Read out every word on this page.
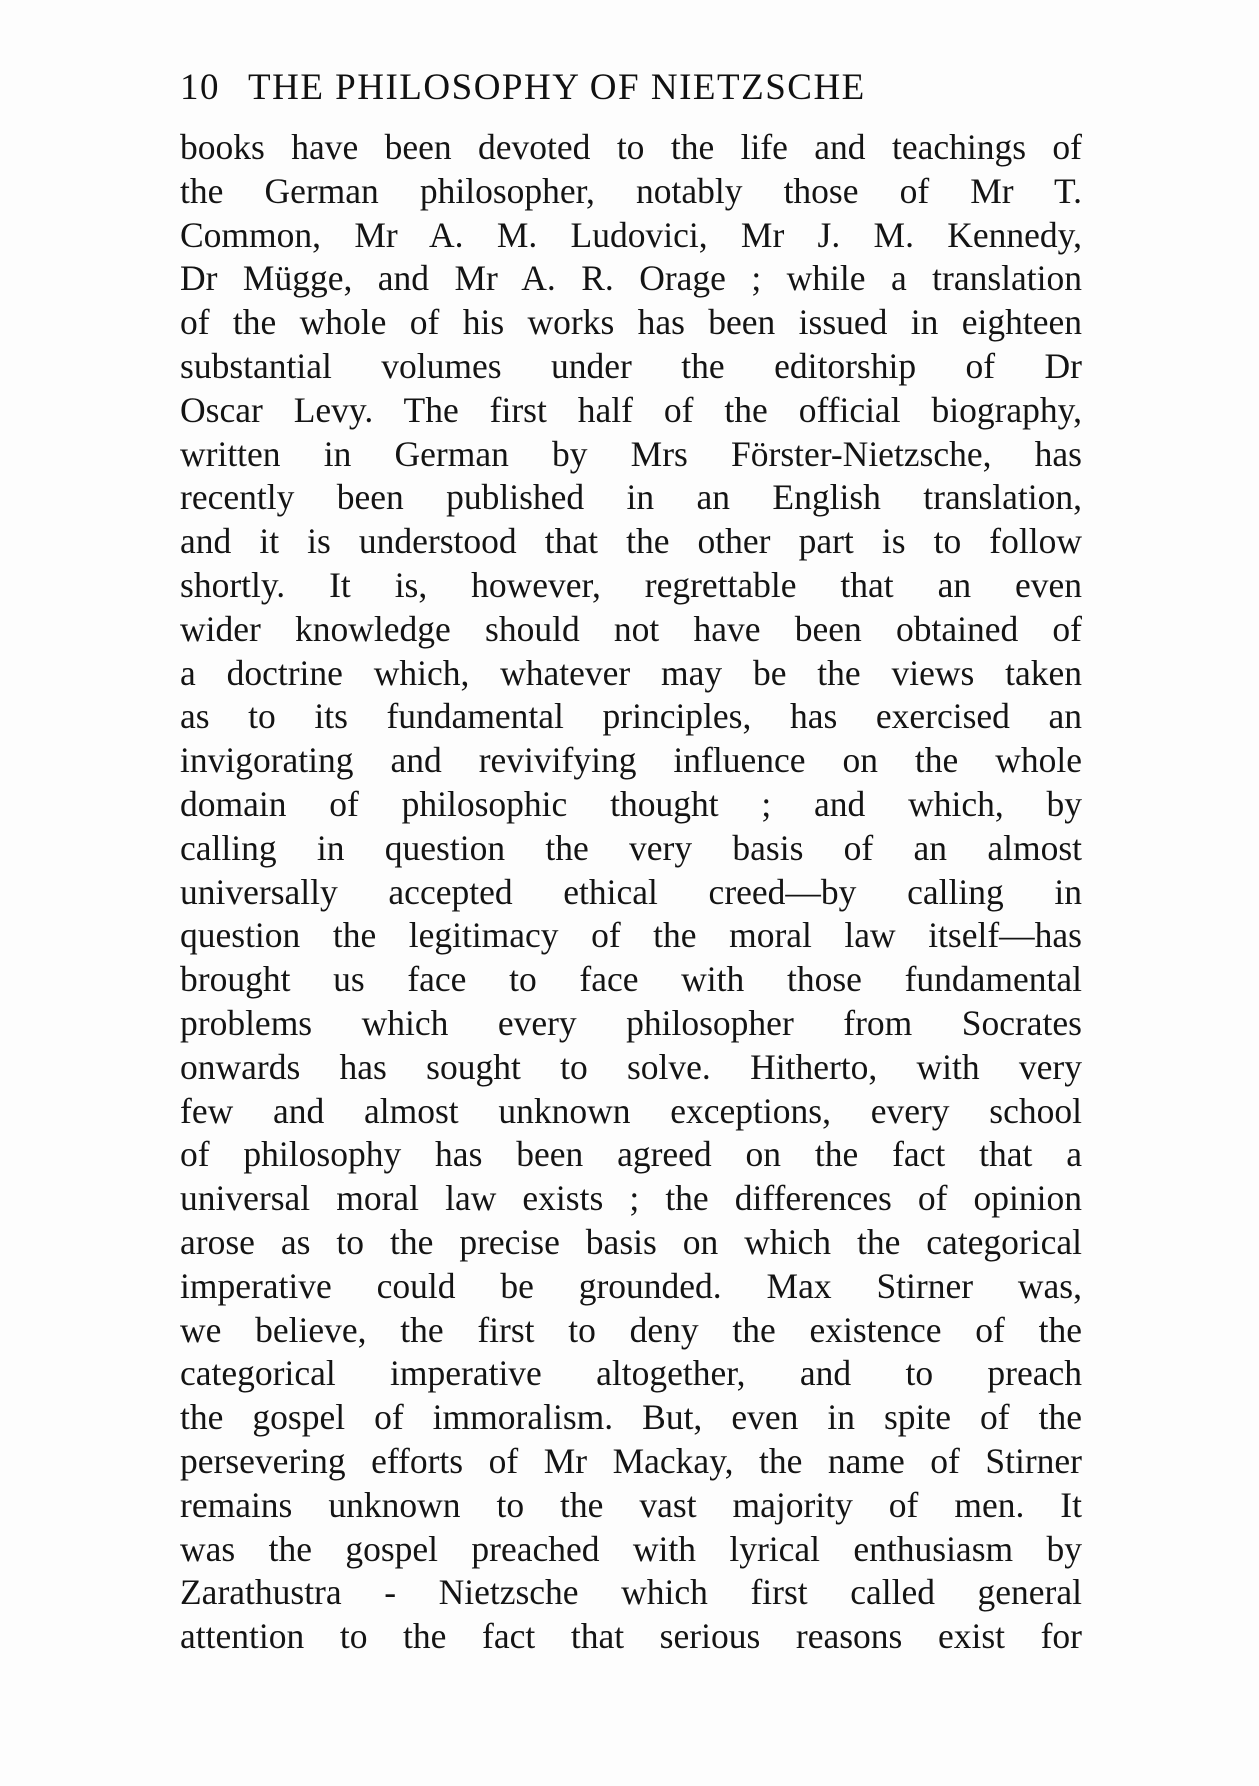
10 THE PHILOSOPHY OF NIETZSCHE
books have been devoted to the life and teachings of
the German philosopher, notably those of Mr T.
Common, Mr A. M. Ludovici, Mr J. M. Kennedy,
Dr Mügge, and Mr A. R. Orage ; while a translation
of the whole of his works has been issued in eighteen
substantial volumes under the editorship of Dr
Oscar Levy. The first half of the official biography,
written in German by Mrs Förster-Nietzsche, has
recently been published in an English translation,
and it is understood that the other part is to follow
shortly. It is, however, regrettable that an even
wider knowledge should not have been obtained of
a doctrine which, whatever may be the views taken
as to its fundamental principles, has exercised an
invigorating and revivifying influence on the whole
domain of philosophic thought ; and which, by
calling in question the very basis of an almost
universally accepted ethical creed—by calling in
question the legitimacy of the moral law itself—has
brought us face to face with those fundamental
problems which every philosopher from Socrates
onwards has sought to solve. Hitherto, with very
few and almost unknown exceptions, every school
of philosophy has been agreed on the fact that a
universal moral law exists ; the differences of opinion
arose as to the precise basis on which the categorical
imperative could be grounded. Max Stirner was,
we believe, the first to deny the existence of the
categorical imperative altogether, and to preach
the gospel of immoralism. But, even in spite of the
persevering efforts of Mr Mackay, the name of Stirner
remains unknown to the vast majority of men. It
was the gospel preached with lyrical enthusiasm by
Zarathustra - Nietzsche which first called general
attention to the fact that serious reasons exist for
